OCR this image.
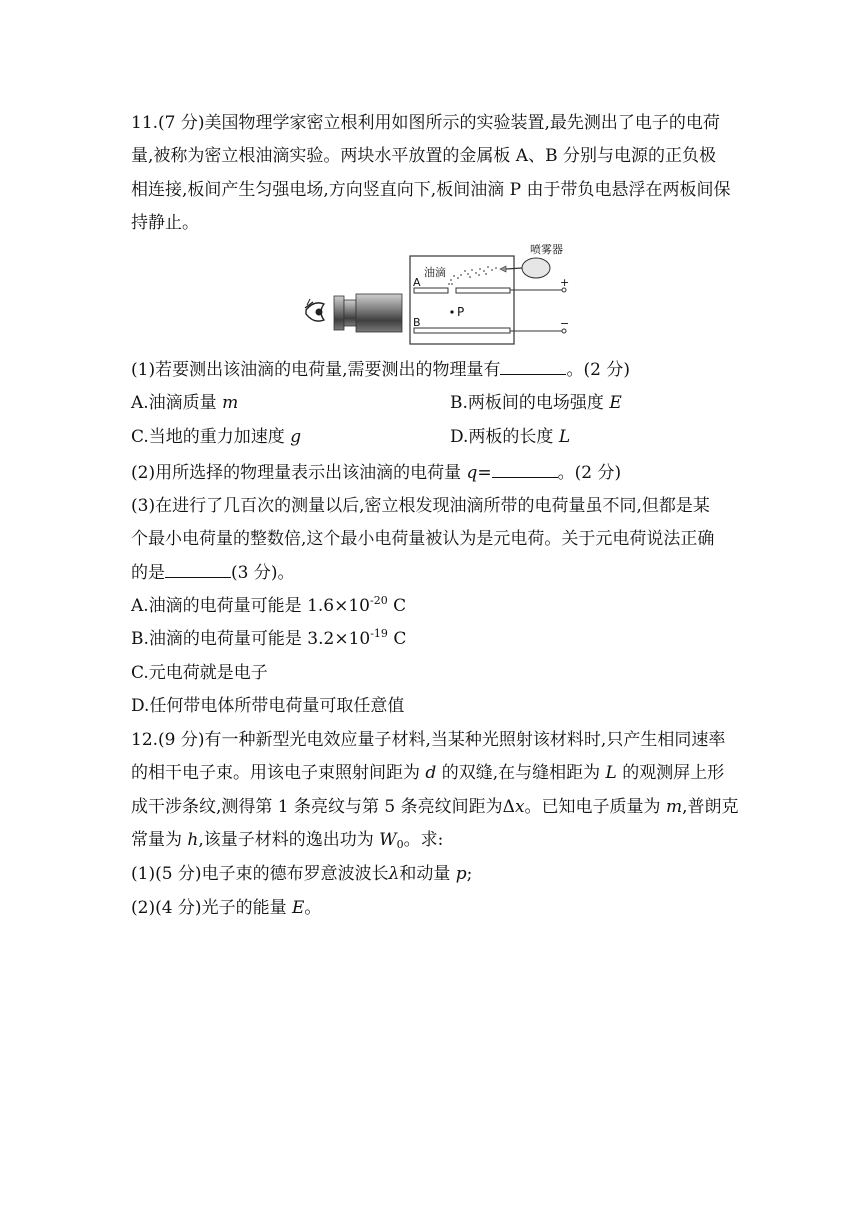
11.(7 分)美国物理学家密立根利用如图所示的实验装置,最先测出了电子的电荷
量,被称为密立根油滴实验。两块水平放置的金属板 A、B 分别与电源的正负极
相连接,板间产生匀强电场,方向竖直向下,板间油滴 P 由于带负电悬浮在两板间保
持静止。
喷雾器
油滴
A
B
P
+
−
(1)若要测出该油滴的电荷量,需要测出的物理量有	。(2 分)
A.油滴质量 m	B.两板间的电场强度 E
C.当地的重力加速度 g	D.两板的长度 L
(2)用所选择的物理量表示出该油滴的电荷量 q=	。(2 分)
(3)在进行了几百次的测量以后,密立根发现油滴所带的电荷量虽不同,但都是某
个最小电荷量的整数倍,这个最小电荷量被认为是元电荷。关于元电荷说法正确
的是	(3 分)。
A.油滴的电荷量可能是 $1.6\times 10^{-20}$ C
B.油滴的电荷量可能是 $3.2\times 10^{-19}$ C
C.元电荷就是电子
D.任何带电体所带电荷量可取任意值
12.(9 分)有一种新型光电效应量子材料,当某种光照射该材料时,只产生相同速率
的相干电子束。用该电子束照射间距为 d 的双缝,在与缝相距为 L 的观测屏上形
成干涉条纹,测得第 1 条亮纹与第 5 条亮纹间距为Δx。已知电子质量为 m,普朗克
常量为 h,该量子材料的逸出功为 $W_0$。求:
(1)(5 分)电子束的德布罗意波波长λ和动量 p;
(2)(4 分)光子的能量 E。
